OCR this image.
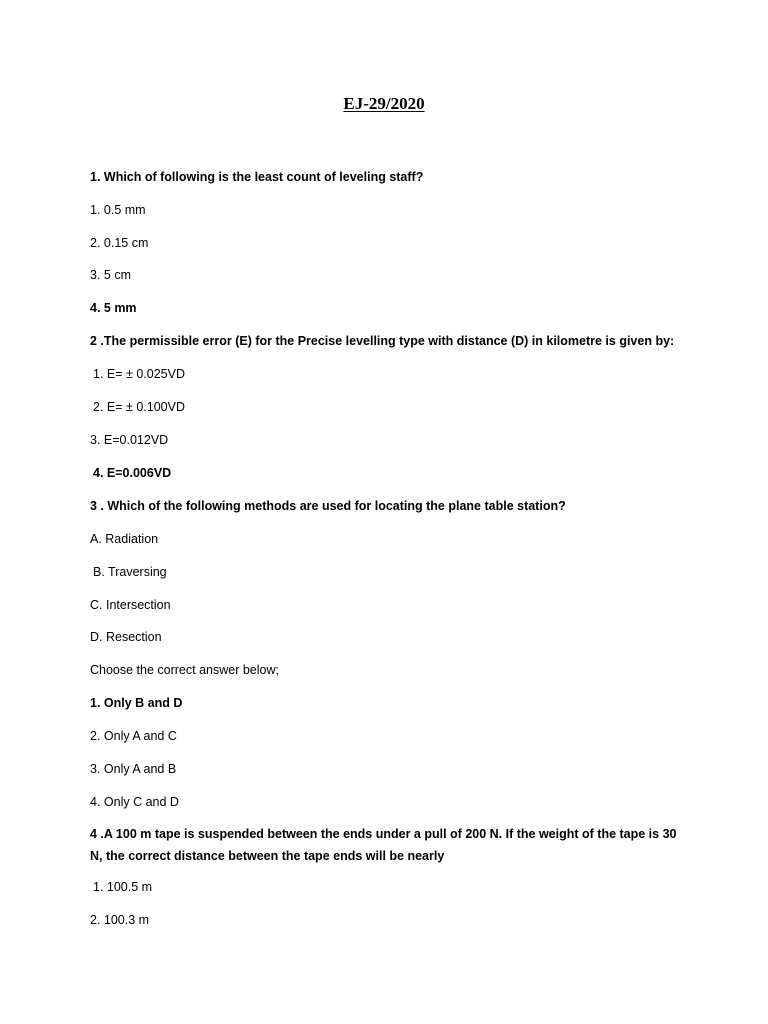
EJ-29/2020
1. Which of following is the least count of leveling staff?
1. 0.5 mm
2. 0.15 cm
3. 5 cm
4. 5 mm
2 .The permissible error (E) for the Precise levelling type with distance (D) in kilometre is given by:
1. E= ± 0.025VD
2. E= ± 0.100VD
3. E=0.012VD
4. E=0.006VD
3 . Which of the following methods are used for locating the plane table station?
A. Radiation
B. Traversing
C. Intersection
D. Resection
Choose the correct answer below;
1. Only B and D
2. Only A and C
3. Only A and B
4. Only C and D
4 .A 100 m tape is suspended between the ends under a pull of 200 N. If the weight of the tape is 30 N, the correct distance between the tape ends will be nearly
1. 100.5 m
2. 100.3 m
